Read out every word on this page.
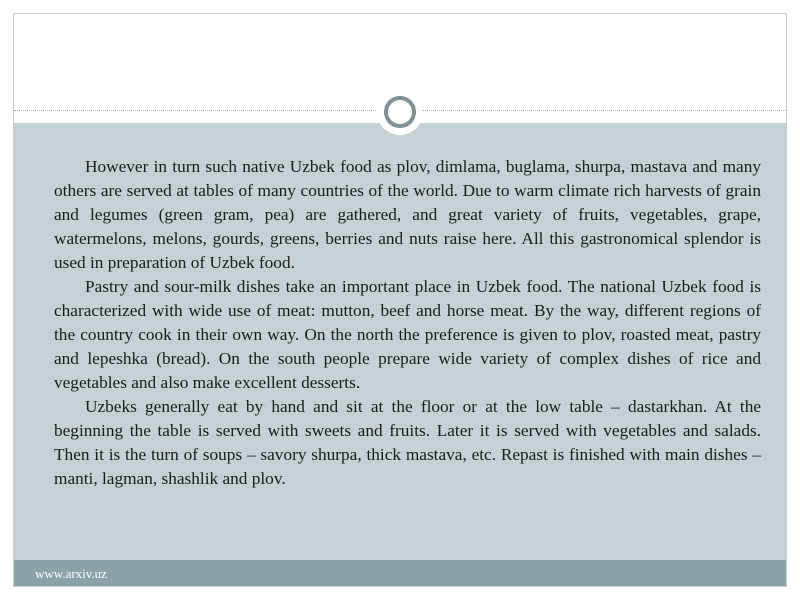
However in turn such native Uzbek food as plov, dimlama, buglama, shurpa, mastava and many others are served at tables of many countries of the world. Due to warm climate rich harvests of grain and legumes (green gram, pea) are gathered, and great variety of fruits, vegetables, grape, watermelons, melons, gourds, greens, berries and nuts raise here. All this gastronomical splendor is used in preparation of Uzbek food.

Pastry and sour-milk dishes take an important place in Uzbek food. The national Uzbek food is characterized with wide use of meat: mutton, beef and horse meat. By the way, different regions of the country cook in their own way. On the north the preference is given to plov, roasted meat, pastry and lepeshka (bread). On the south people prepare wide variety of complex dishes of rice and vegetables and also make excellent desserts.

Uzbeks generally eat by hand and sit at the floor or at the low table – dastarkhan. At the beginning the table is served with sweets and fruits. Later it is served with vegetables and salads. Then it is the turn of soups – savory shurpa, thick mastava, etc. Repast is finished with main dishes – manti, lagman, shashlik and plov.

www.arxiv.uz
